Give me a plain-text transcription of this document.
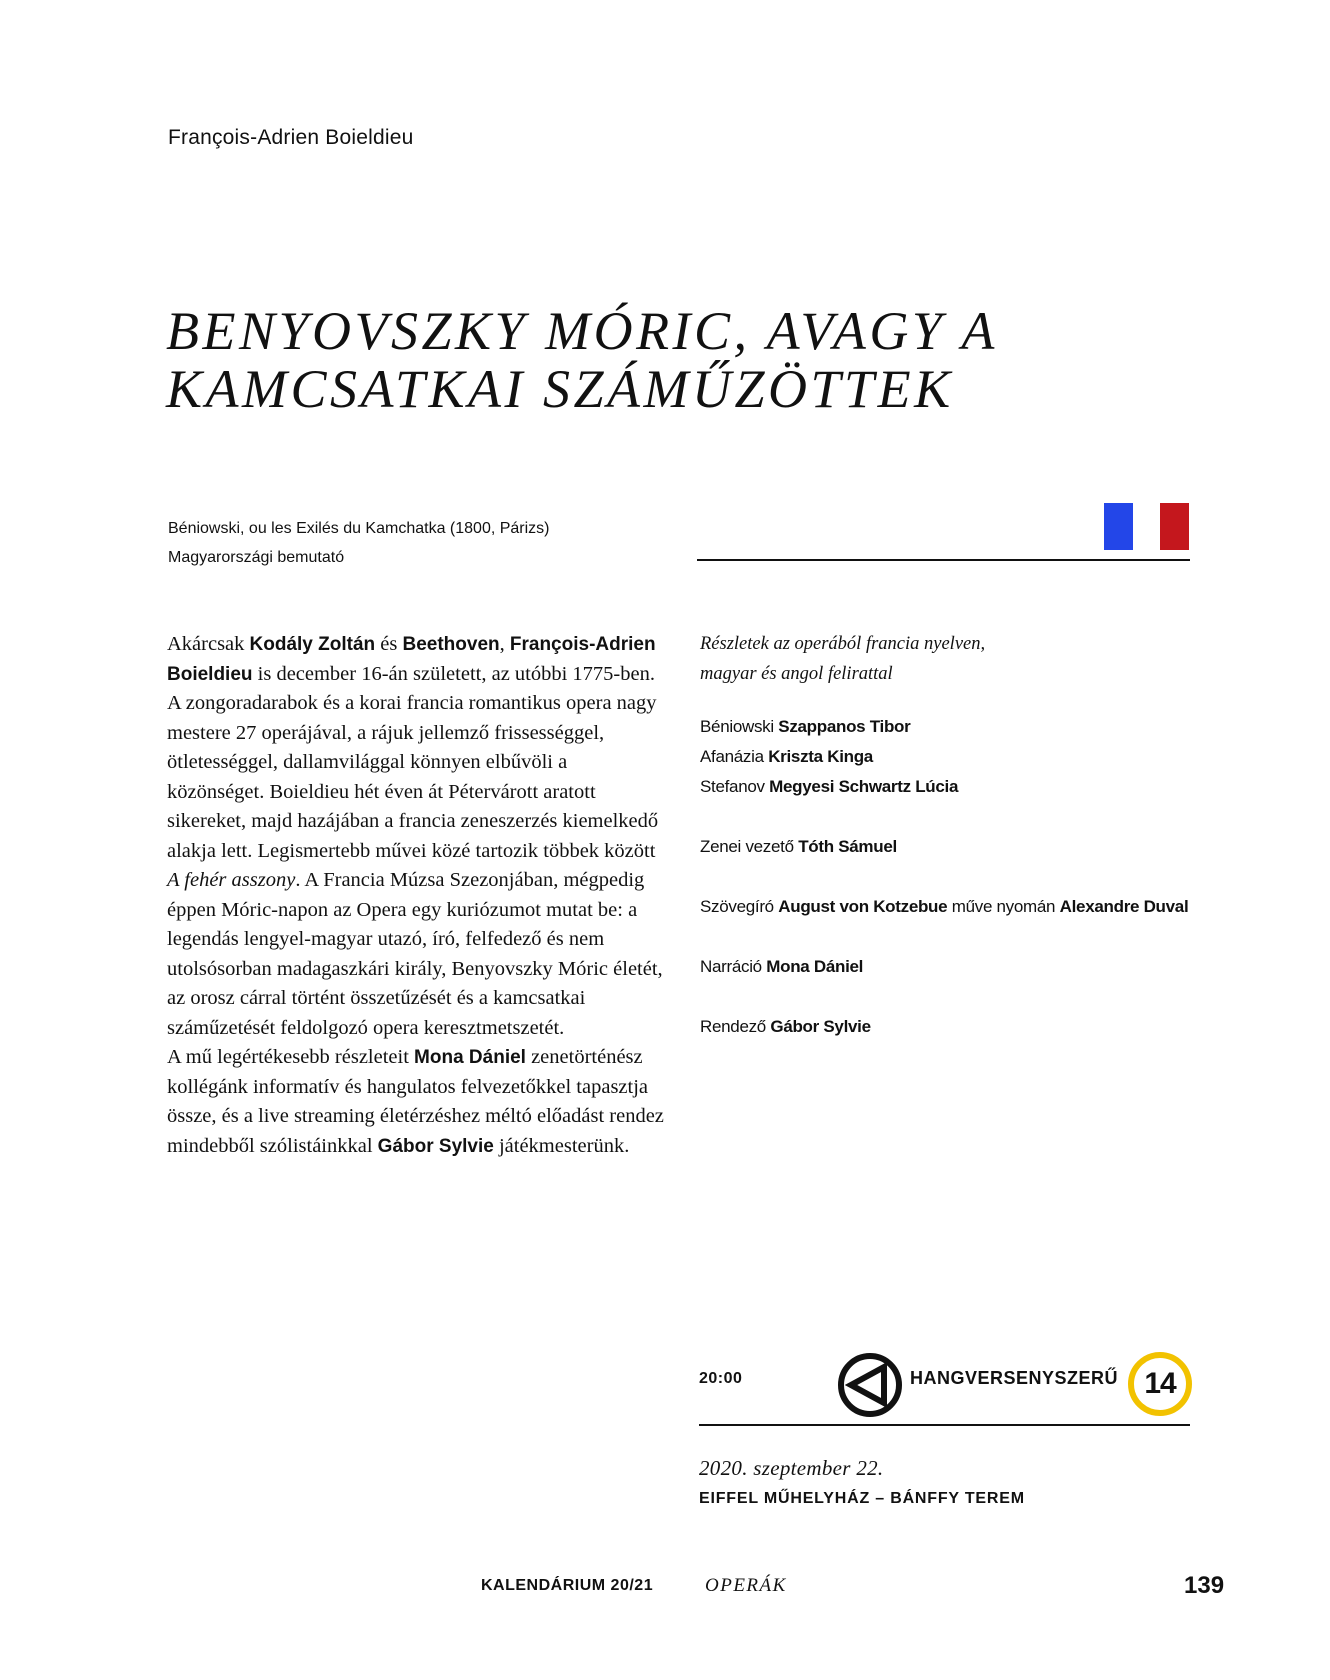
François-Adrien Boieldieu
BENYOVSZKY MÓRIC, AVAGY A
KAMCSATKAI SZÁMŰZÖTTEK
Béniowski, ou les Exilés du Kamchatka (1800, Párizs)
Magyarországi bemutató
Akárcsak Kodály Zoltán és Beethoven, François-Adrien Boieldieu is december 16-án született, az utóbbi 1775-ben. A zongoradarabok és a korai francia romantikus opera nagy mestere 27 operájával, a rájuk jellemző frissességgel, ötletességgel, dallamvilággal könnyen elbűvöli a közönséget. Boieldieu hét éven át Pétervárott aratott sikereket, majd hazájában a francia zeneszerzés kiemelkedő alakja lett. Legismertebb művei közé tartozik többek között A fehér asszony. A Francia Múzsa Szezonjában, mégpedig éppen Móric-napon az Opera egy kuriózumot mutat be: a legendás lengyel-magyar utazó, író, felfedező és nem utolsósorban madagaszkári király, Benyovszky Móric életét, az orosz cárral történt összetűzését és a kamcsatkai száműzetését feldolgozó opera keresztmetszetét.
A mű legértékesebb részleteit Mona Dániel zenetörténész kollégánk informatív és hangulatos felvezetőkkel tapasztja össze, és a live streaming életérzéshez méltó előadást rendez mindebből szólistáinkkal Gábor Sylvie játékmesterünk.
Részletek az operából francia nyelven,
magyar és angol felirattal
Béniowski Szappanos Tibor
Afanázia Kriszta Kinga
Stefanov Megyesi Schwartz Lúcia
Zenei vezető Tóth Sámuel
Szövegíró August von Kotzebue műve nyomán Alexandre Duval
Narráció Mona Dániel
Rendező Gábor Sylvie
20:00	HANGVERSENYSZERŰ 14
2020. szeptember 22.
EIFFEL MŰHELYHÁZ – BÁNFFY TEREM
KALENDÁRIUM 20/21	OPERÁK	139
